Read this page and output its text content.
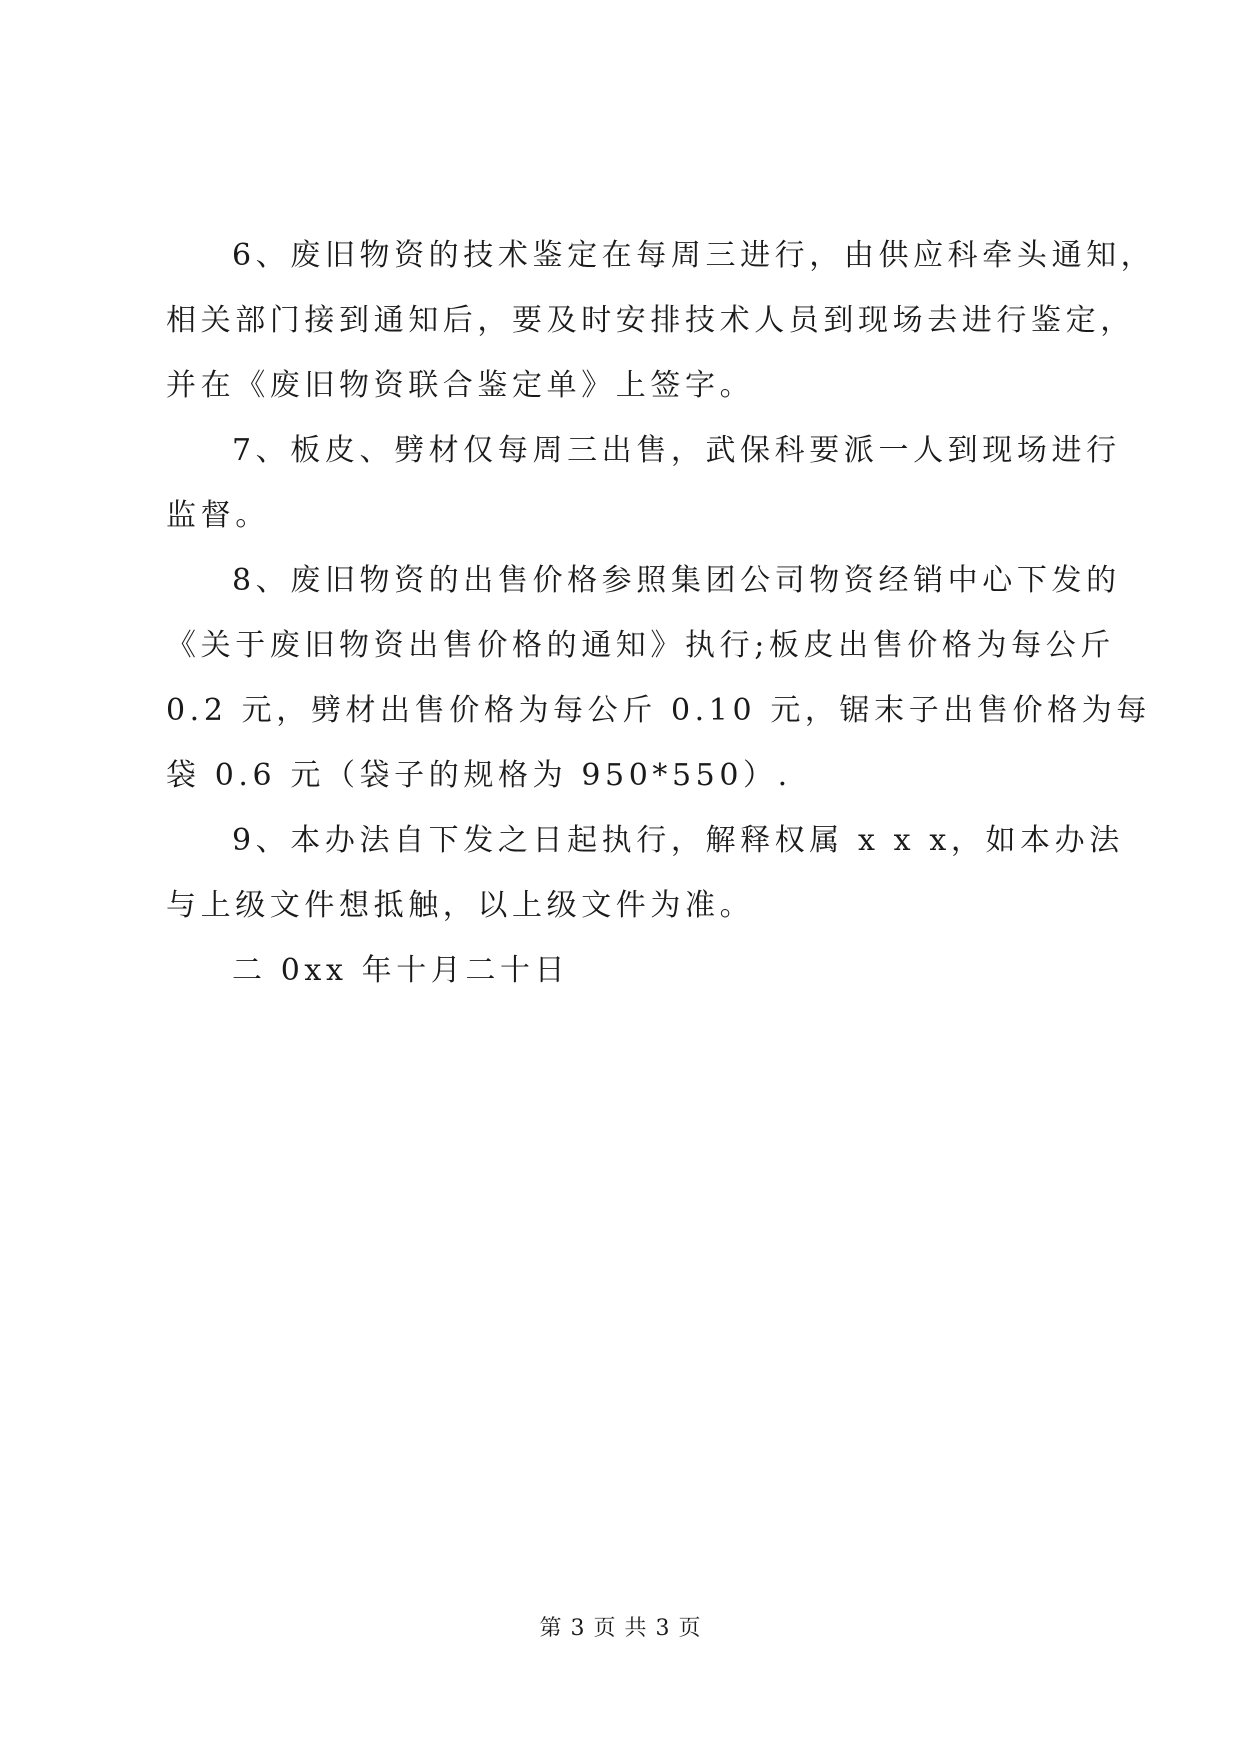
6、废旧物资的技术鉴定在每周三进行，由供应科牵头通知，
相关部门接到通知后，要及时安排技术人员到现场去进行鉴定，
并在《废旧物资联合鉴定单》上签字。
7、板皮、劈材仅每周三出售，武保科要派一人到现场进行
监督。
8、废旧物资的出售价格参照集团公司物资经销中心下发的
《关于废旧物资出售价格的通知》执行;板皮出售价格为每公斤
0.2 元，劈材出售价格为每公斤 0.10 元，锯末子出售价格为每
袋 0.6 元（袋子的规格为 950*550）.
9、本办法自下发之日起执行，解释权属 x x x，如本办法
与上级文件想抵触，以上级文件为准。
二 0xx 年十月二十日
第 3 页 共 3 页
